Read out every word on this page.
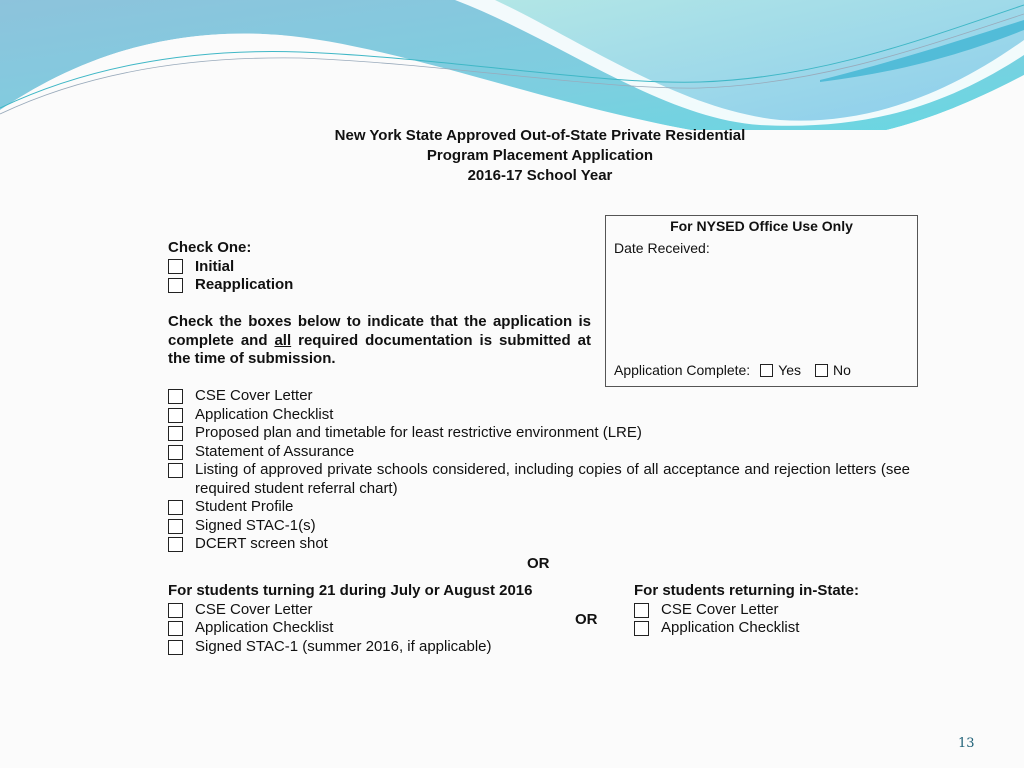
New York State Approved Out-of-State Private Residential
Program Placement Application
2016-17 School Year
For NYSED Office Use Only
Date Received:
Application Complete: Yes No
Check One:
Initial
Reapplication
Check the boxes below to indicate that the application is complete and all required documentation is submitted at the time of submission.
CSE Cover Letter
Application Checklist
Proposed plan and timetable for least restrictive environment (LRE)
Statement of Assurance
Listing of approved private schools considered, including copies of all acceptance and rejection letters (see required student referral chart)
Student Profile
Signed STAC-1(s)
DCERT screen shot
OR
For students turning 21 during July or August 2016
CSE Cover Letter
Application Checklist
Signed STAC-1 (summer 2016, if applicable)
OR
For students returning in-State:
CSE Cover Letter
Application Checklist
13
